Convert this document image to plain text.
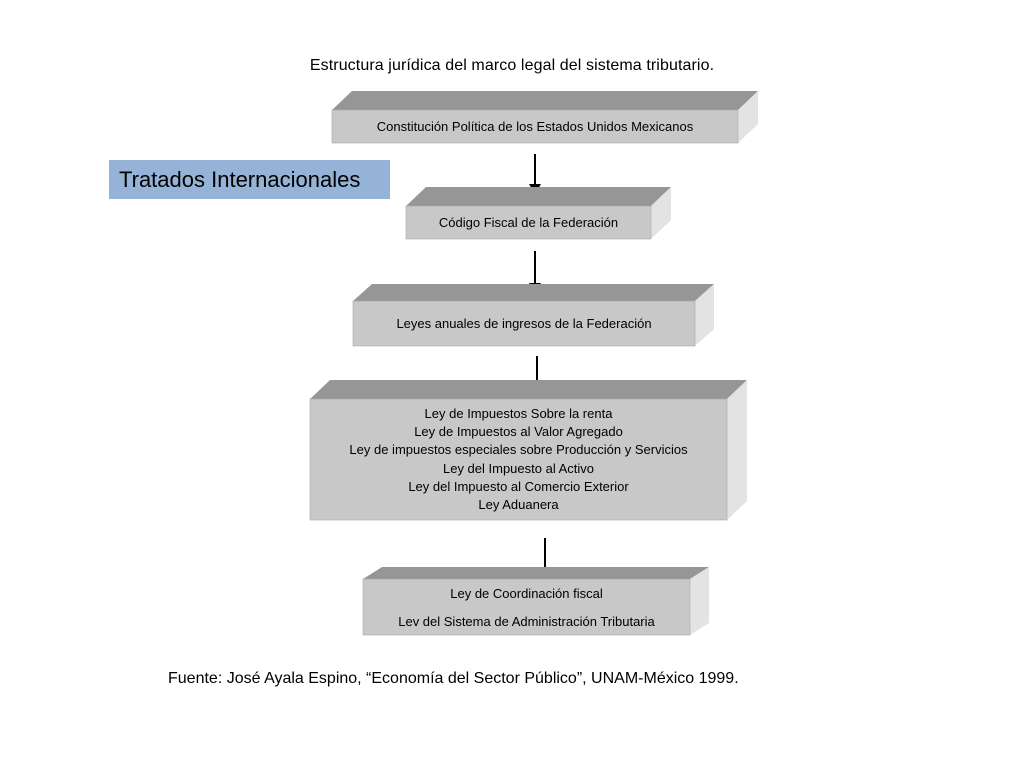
Estructura jurídica del marco legal del sistema tributario.
Constitución Política de los Estados Unidos Mexicanos
Código Fiscal de la Federación
Leyes anuales de ingresos de la Federación
Ley de Impuestos Sobre la renta
Ley de Impuestos al Valor Agregado
Ley de impuestos especiales sobre Producción y Servicios
Ley del Impuesto al Activo
Ley del Impuesto al Comercio Exterior
Ley Aduanera
Ley de Coordinación fiscal
Lev del Sistema de Administración Tributaria
Tratados Internacionales
Fuente: José Ayala Espino, “Economía del Sector Público”, UNAM-México 1999.
